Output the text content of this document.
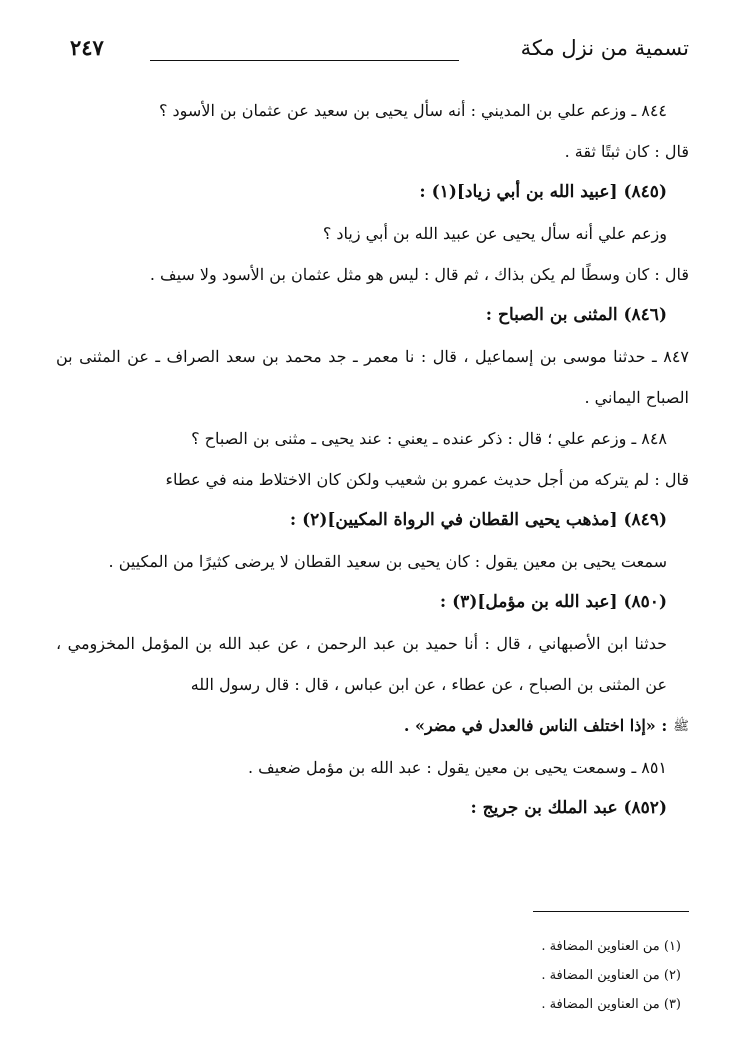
تسمية من نزل مكة
٢٤٧

٨٤٤ ـ وزعم علي بن المديني : أنه سأل يحيى بن سعيد عن عثمان بن الأسود ؟

قال : كان ثبتًا ثقة .

(٨٤٥) [عبيد الله بن أبي زياد](١) :

وزعم علي أنه سأل يحيى عن عبيد الله بن أبي زياد ؟

قال : كان وسطًا لم يكن بذاك ، ثم قال : ليس هو مثل عثمان بن الأسود ولا سيف .

(٨٤٦) المثنى بن الصباح :

٨٤٧ ـ حدثنا موسى بن إسماعيل ، قال : نا معمر ـ جد محمد بن سعد الصراف ـ عن المثنى بن الصباح اليماني .

٨٤٨ ـ وزعم علي ؛ قال : ذكر عنده ـ يعني : عند يحيى ـ مثنى بن الصباح ؟

قال : لم يتركه من أجل حديث عمرو بن شعيب ولكن كان الاختلاط منه في عطاء

(٨٤٩) [مذهب يحيى القطان في الرواة المكيين](٢) :

سمعت يحيى بن معين يقول : كان يحيى بن سعيد القطان لا يرضى كثيرًا من المكيين .

(٨٥٠) [عبد الله بن مؤمل](٣) :

حدثنا ابن الأصبهاني ، قال : أنا حميد بن عبد الرحمن ، عن عبد الله بن المؤمل المخزومي ، عن المثنى بن الصباح ، عن عطاء ، عن ابن عباس ، قال : قال رسول الله

ﷺ: «إذا اختلف الناس فالعدل في مضر» .

٨٥١ ـ وسمعت يحيى بن معين يقول : عبد الله بن مؤمل ضعيف .

(٨٥٢) عبد الملك بن جريج :

(١) من العناوين المضافة .
(٢) من العناوين المضافة .
(٣) من العناوين المضافة .
